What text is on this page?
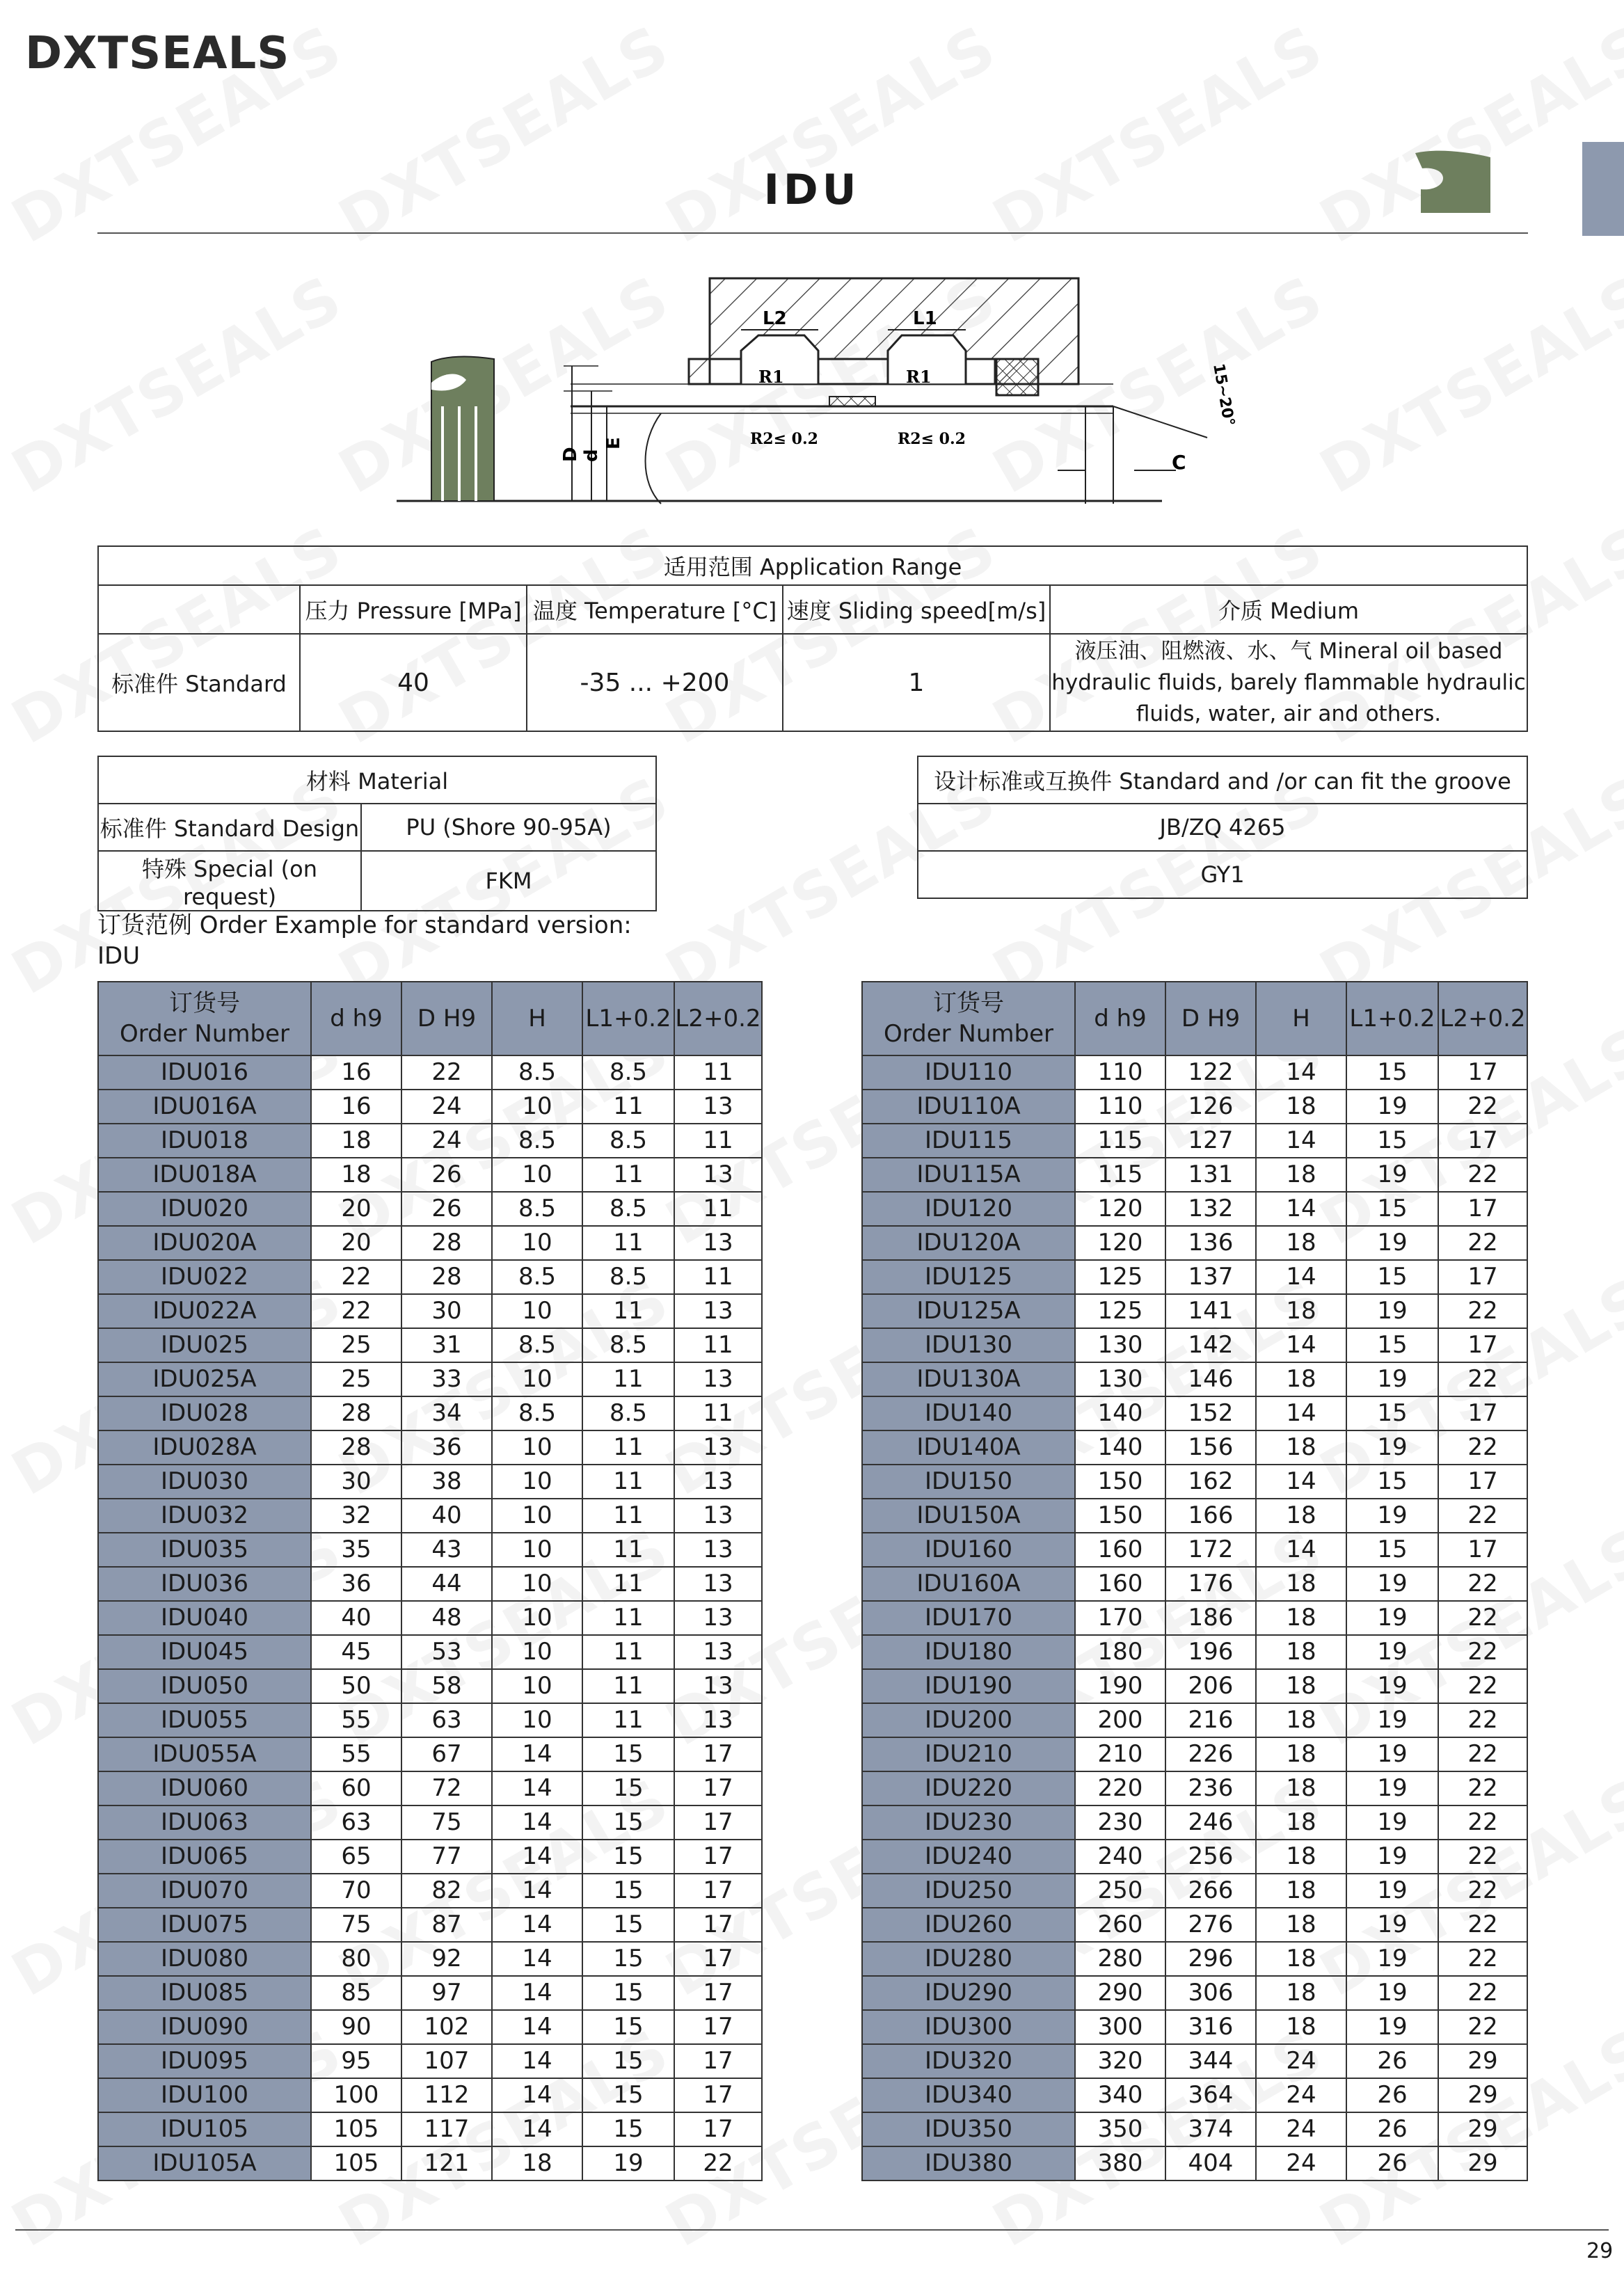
DXTSEALS
IDU
L2	L1
R1	R1
R2≤ 0.2	R2≤ 0.2
D d
E
C
15~20°
适用范围 Application Range				
	压力 Pressure [MPa]	温度 Temperature [°C]	速度 Sliding speed[m/s]	介质 Medium
标准件 Standard	40	-35 ... +200	1	液压油、阻燃液、水、气 Mineral oil based
hydraulic fluids, barely flammable hydraulic
fluids, water, air and others.
材料 Material	
标准件 Standard Design	PU (Shore 90-95A)
特殊 Special (on request)	FKM
设计标准或互换件 Standard and /or can fit the groove
JB/ZQ 4265
GY1
订货范例 Order Example for standard version:
IDU
订货号
Order Number	d h9	D H9	H	L1+0.2	L2+0.2
IDU016	16	22	8.5	8.5	11
IDU016A	16	24	10	11	13
IDU018	18	24	8.5	8.5	11
IDU018A	18	26	10	11	13
IDU020	20	26	8.5	8.5	11
IDU020A	20	28	10	11	13
IDU022	22	28	8.5	8.5	11
IDU022A	22	30	10	11	13
IDU025	25	31	8.5	8.5	11
IDU025A	25	33	10	11	13
IDU028	28	34	8.5	8.5	11
IDU028A	28	36	10	11	13
IDU030	30	38	10	11	13
IDU032	32	40	10	11	13
IDU035	35	43	10	11	13
IDU036	36	44	10	11	13
IDU040	40	48	10	11	13
IDU045	45	53	10	11	13
IDU050	50	58	10	11	13
IDU055	55	63	10	11	13
IDU055A	55	67	14	15	17
IDU060	60	72	14	15	17
IDU063	63	75	14	15	17
IDU065	65	77	14	15	17
IDU070	70	82	14	15	17
IDU075	75	87	14	15	17
IDU080	80	92	14	15	17
IDU085	85	97	14	15	17
IDU090	90	102	14	15	17
IDU095	95	107	14	15	17
IDU100	100	112	14	15	17
IDU105	105	117	14	15	17
IDU105A	105	121	18	19	22
订货号
Order Number	d h9	D H9	H	L1+0.2	L2+0.2
IDU110	110	122	14	15	17
IDU110A	110	126	18	19	22
IDU115	115	127	14	15	17
IDU115A	115	131	18	19	22
IDU120	120	132	14	15	17
IDU120A	120	136	18	19	22
IDU125	125	137	14	15	17
IDU125A	125	141	18	19	22
IDU130	130	142	14	15	17
IDU130A	130	146	18	19	22
IDU140	140	152	14	15	17
IDU140A	140	156	18	19	22
IDU150	150	162	14	15	17
IDU150A	150	166	18	19	22
IDU160	160	172	14	15	17
IDU160A	160	176	18	19	22
IDU170	170	186	18	19	22
IDU180	180	196	18	19	22
IDU190	190	206	18	19	22
IDU200	200	216	18	19	22
IDU210	210	226	18	19	22
IDU220	220	236	18	19	22
IDU230	230	246	18	19	22
IDU240	240	256	18	19	22
IDU250	250	266	18	19	22
IDU260	260	276	18	19	22
IDU280	280	296	18	19	22
IDU290	290	306	18	19	22
IDU300	300	316	18	19	22
IDU320	320	344	24	26	29
IDU340	340	364	24	26	29
IDU350	350	374	24	26	29
IDU380	380	404	24	26	29
29
